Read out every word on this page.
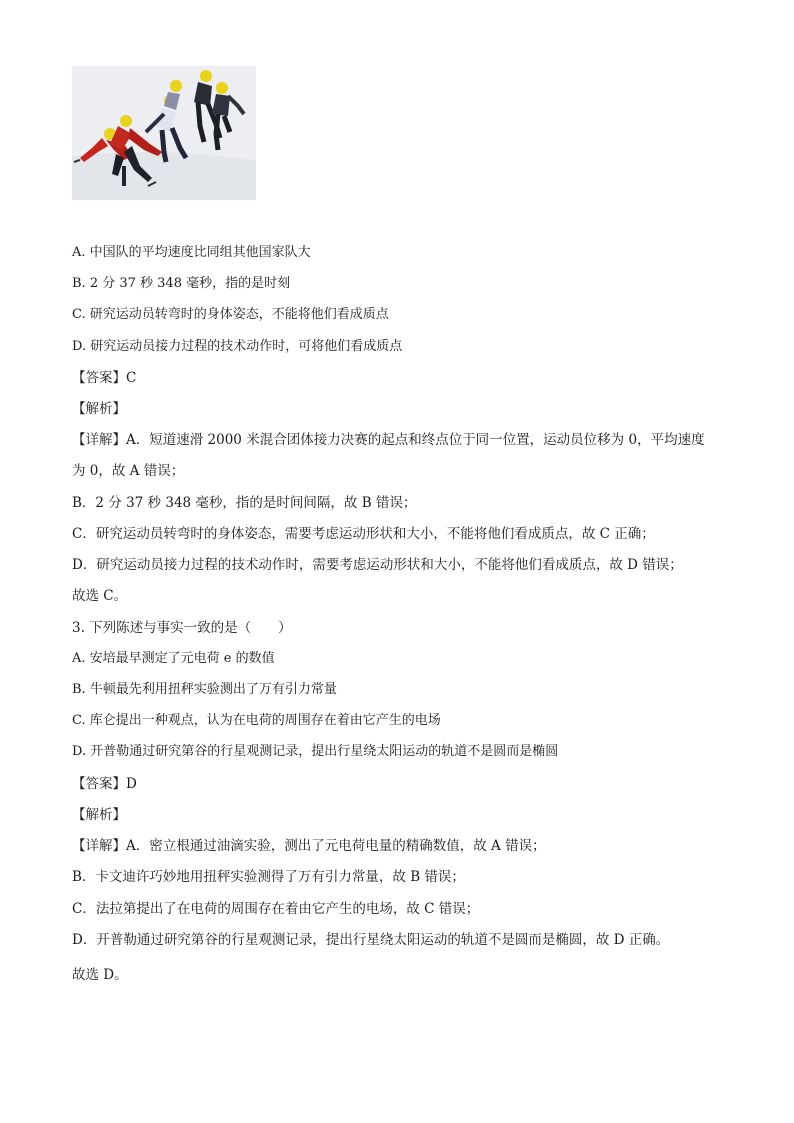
A. 中国队的平均速度比同组其他国家队大
B. 2 分 37 秒 348 毫秒，指的是时刻
C. 研究运动员转弯时的身体姿态，不能将他们看成质点
D. 研究运动员接力过程的技术动作时，可将他们看成质点
【答案】C
【解析】
【详解】A．短道速滑 2000 米混合团体接力决赛的起点和终点位于同一位置，运动员位移为 0，平均速度
为 0，故 A 错误；
B．2 分 37 秒 348 毫秒，指的是时间间隔，故 B 错误；
C．研究运动员转弯时的身体姿态，需要考虑运动形状和大小，不能将他们看成质点，故 C 正确；
D．研究运动员接力过程的技术动作时，需要考虑运动形状和大小，不能将他们看成质点，故 D 错误；
故选 C。
3. 下列陈述与事实一致的是（　　）
A. 安培最早测定了元电荷 e 的数值
B. 牛顿最先利用扭秤实验测出了万有引力常量
C. 库仑提出一种观点，认为在电荷的周围存在着由它产生的电场
D. 开普勒通过研究第谷的行星观测记录，提出行星绕太阳运动的轨道不是圆而是椭圆
【答案】D
【解析】
【详解】A．密立根通过油滴实验，测出了元电荷电量的精确数值，故 A 错误；
B．卡文迪许巧妙地用扭秤实验测得了万有引力常量，故 B 错误；
C．法拉第提出了在电荷的周围存在着由它产生的电场，故 C 错误；
D．开普勒通过研究第谷的行星观测记录，提出行星绕太阳运动的轨道不是圆而是椭圆，故 D 正确。
故选 D。
